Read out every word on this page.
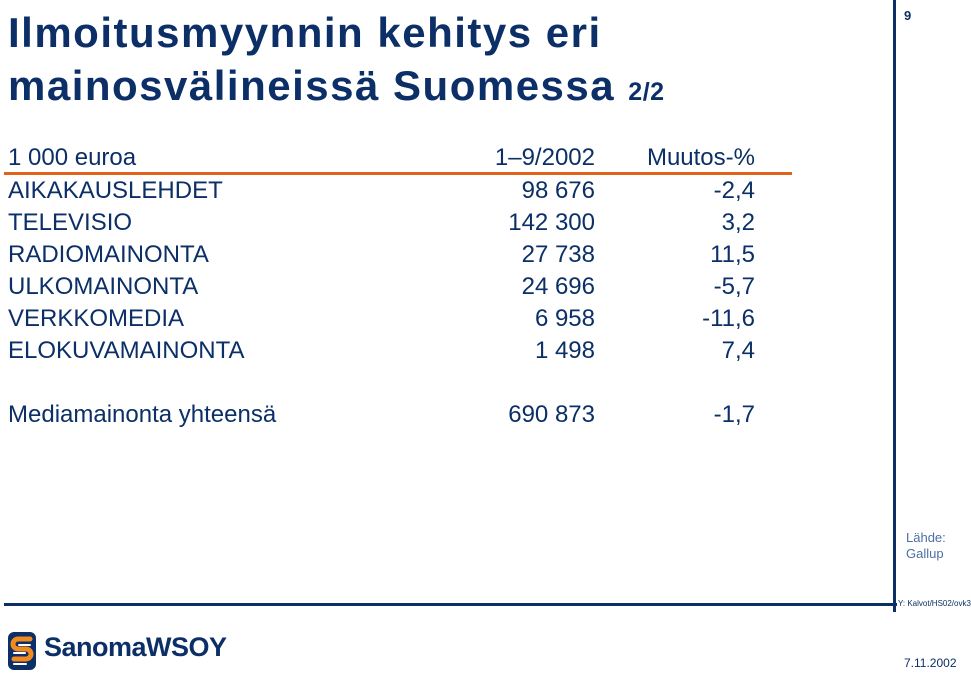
Ilmoitusmyynnin kehitys eri
mainosvälineissä Suomessa 2/2
9
1 000 euroa	1–9/2002	Muutos-%
AIKAKAUSLEHDET	98 676	-2,4
TELEVISIO	142 300	3,2
RADIOMAINONTA	27 738	11,5
ULKOMAINONTA	24 696	-5,7
VERKKOMEDIA	6 958	-11,6
ELOKUVAMAINONTA	1 498	7,4

Mediamainonta yhteensä	690 873	-1,7
Lähde:
Gallup
Y: Kalvot/HS02/ovk3
7.11.2002
SanomaWSOY
